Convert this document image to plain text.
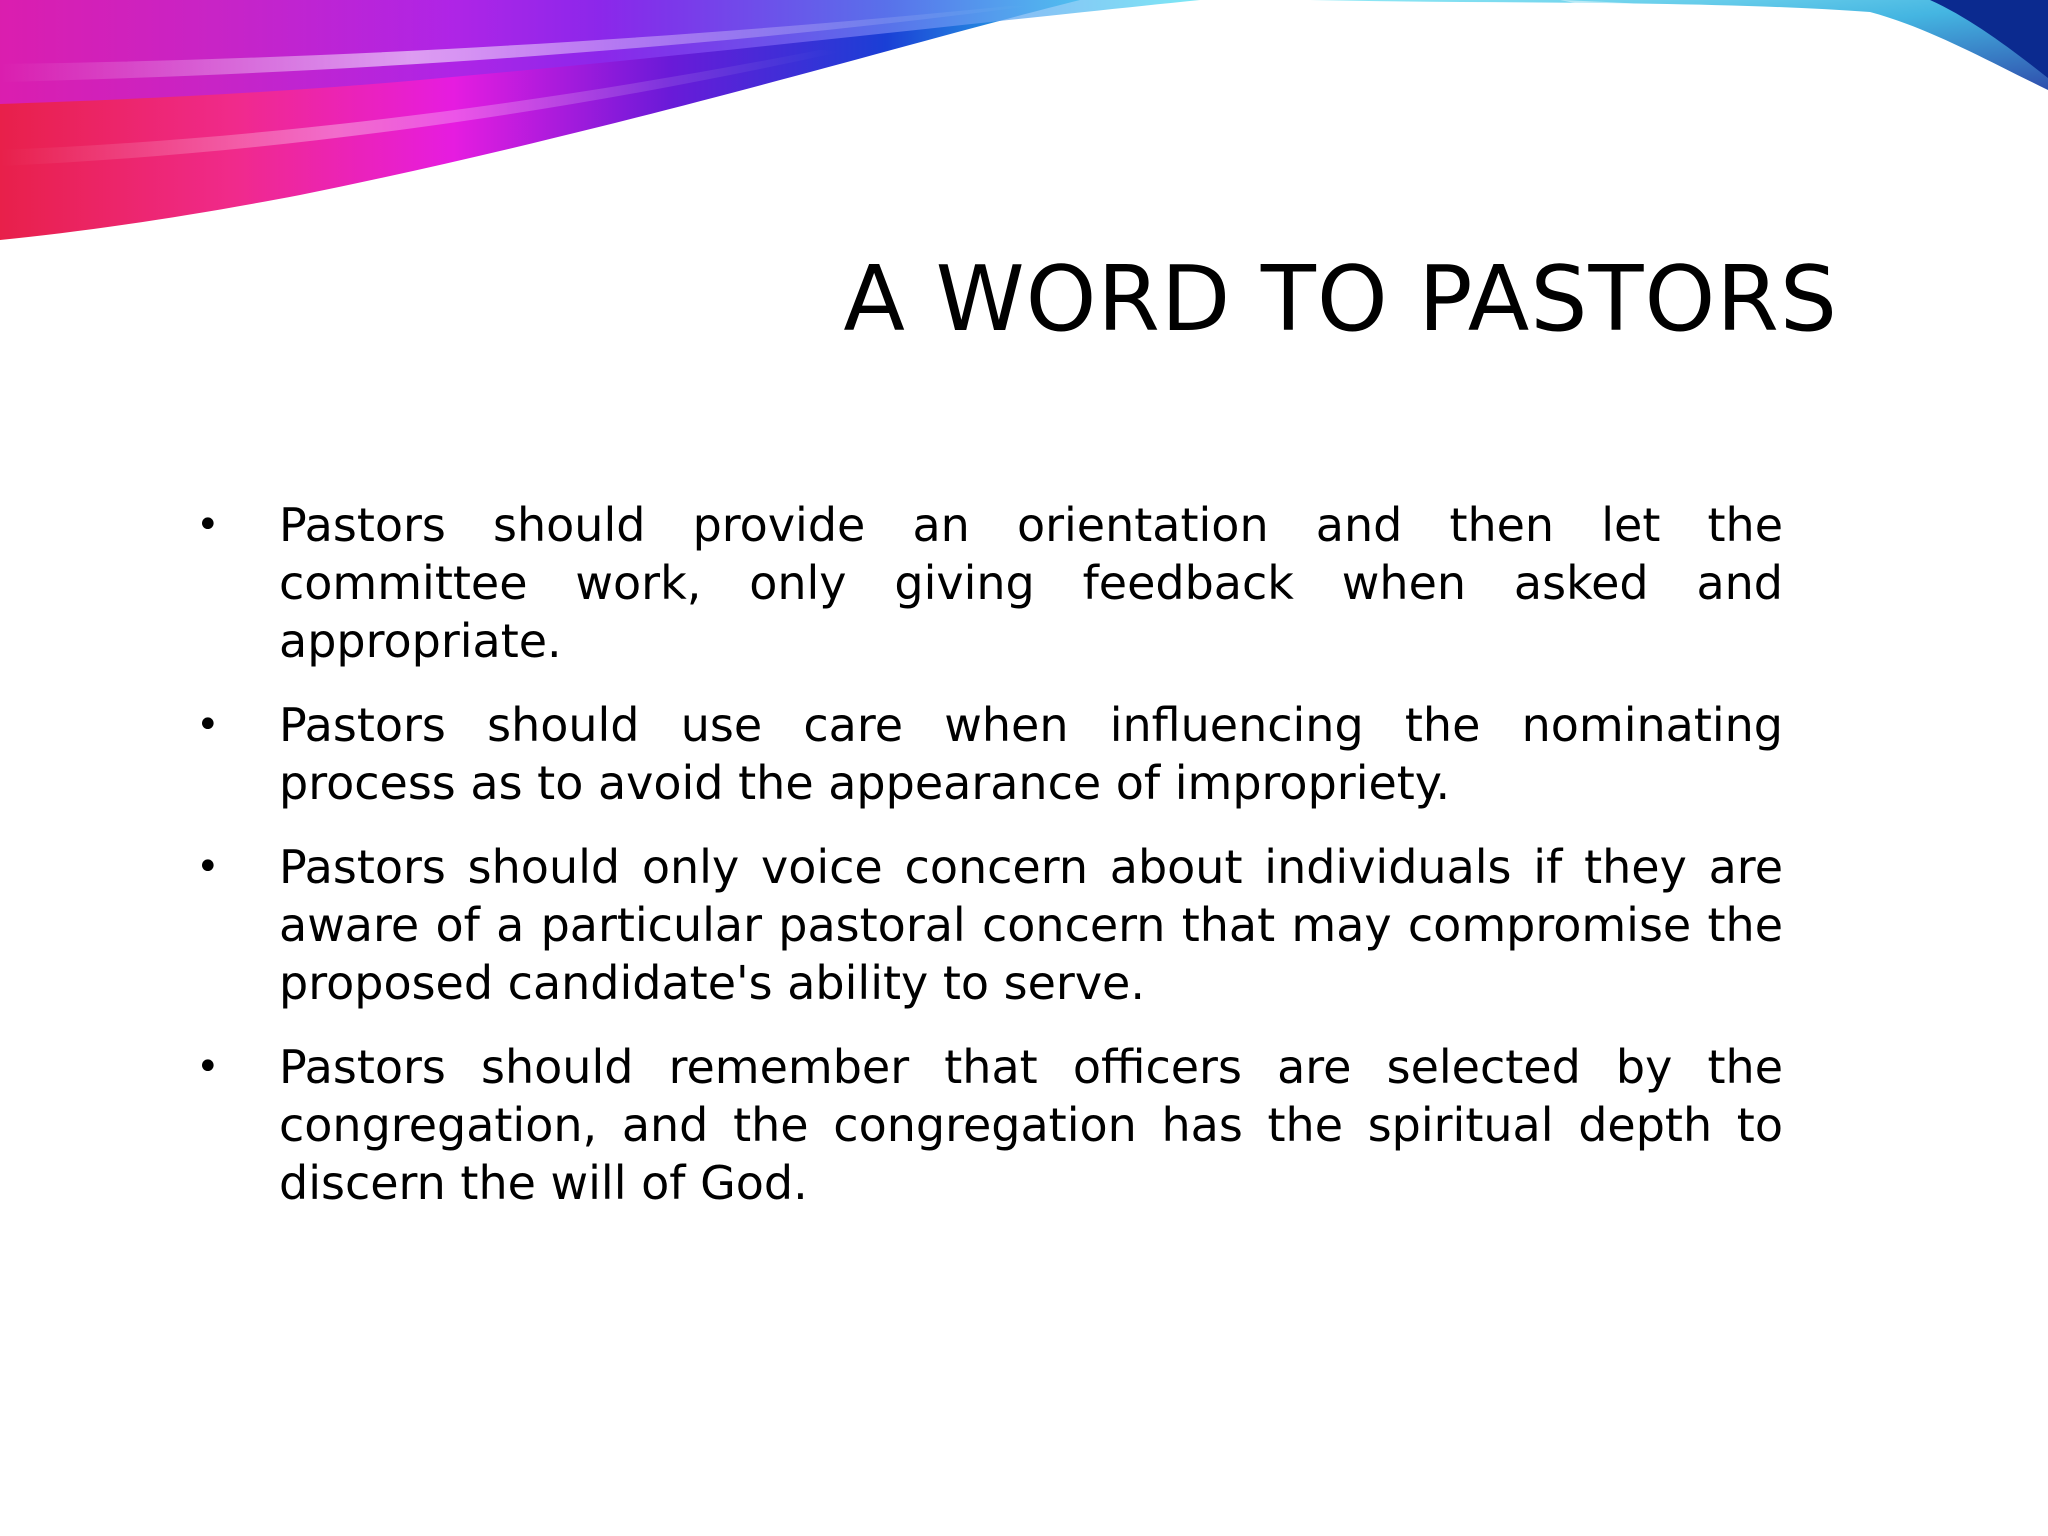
A WORD TO PASTORS
• Pastors should provide an orientation and then let the committee work, only giving feedback when asked and appropriate.
• Pastors should use care when influencing the nominating process as to avoid the appearance of impropriety.
• Pastors should only voice concern about individuals if they are aware of a particular pastoral concern that may compromise the proposed candidate's ability to serve.
• Pastors should remember that officers are selected by the congregation, and the congregation has the spiritual depth to discern the will of God.
